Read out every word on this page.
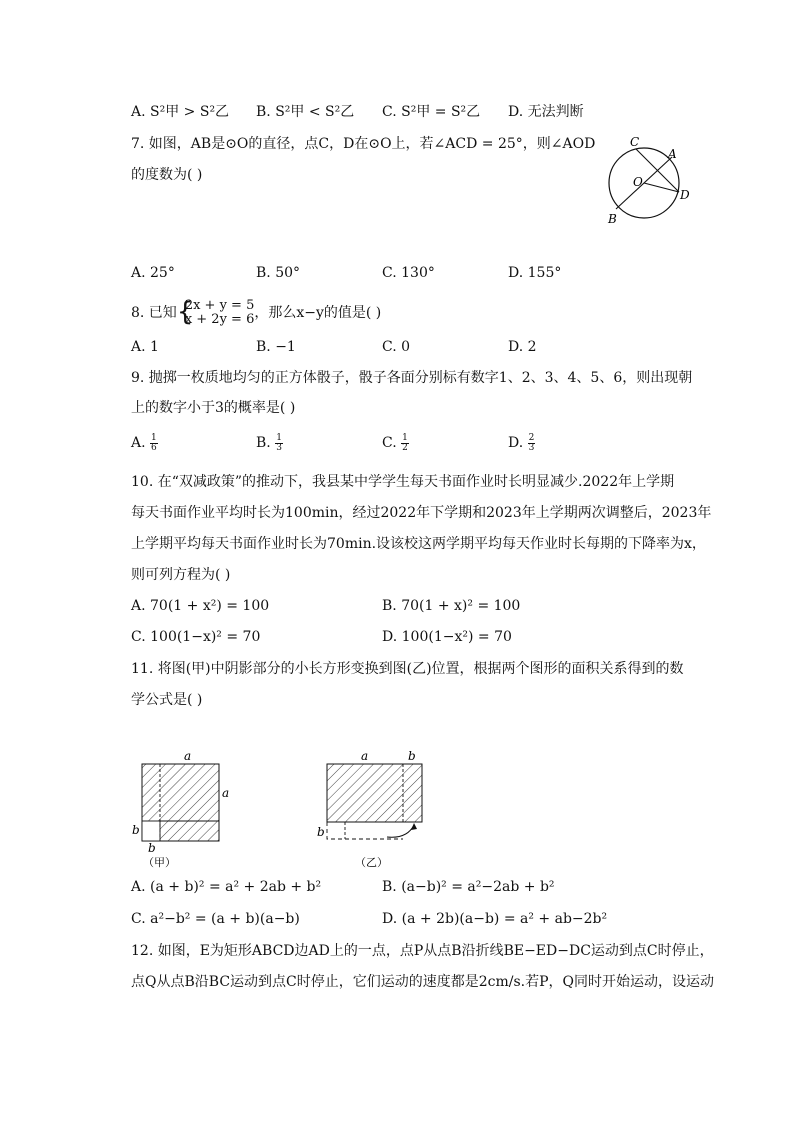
A. S²甲 > S²乙 B. S²甲 < S²乙 C. S²甲 = S²乙 D. 无法判断
7. 如图，AB是⊙O的直径，点C，D在⊙O上，若∠ACD = 25°，则∠AOD
的度数为( )
C
A
O
D
B
A. 25°	B. 50°	C. 130°	D. 155°
8. 已知 {
2x + y = 5
x + 2y = 6 ，那么x−y的值是( )
A. 1	B. −1	C. 0	D. 2
9. 抛掷一枚质地均匀的正方体骰子，骰子各面分别标有数字1、2、3、4、5、6，则出现朝
上的数字小于3的概率是( )
A. $\frac{1}{6}$	B. $\frac{1}{3}$	C. $\frac{1}{2}$	D. $\frac{2}{3}$
10. 在“双减政策”的推动下，我县某中学学生每天书面作业时长明显减少.2022年上学期
每天书面作业平均时长为100min，经过2022年下学期和2023年上学期两次调整后，2023年
上学期平均每天书面作业时长为70min.设该校这两学期平均每天作业时长每期的下降率为x，
则可列方程为( )
A. 70(1 + x²) = 100	B. 70(1 + x)² = 100
C. 100(1−x)² = 70	D. 100(1−x²) = 70
11. 将图(甲)中阴影部分的小长方形变换到图(乙)位置，根据两个图形的面积关系得到的数
学公式是( )
a
a
b
b
（甲）
a	b
b
（乙）
A. (a + b)² = a² + 2ab + b²	B. (a−b)² = a²−2ab + b²
C. a²−b² = (a + b)(a−b)	D. (a + 2b)(a−b) = a² + ab−2b²
12. 如图，E为矩形ABCD边AD上的一点，点P从点B沿折线BE−ED−DC运动到点C时停止，
点Q从点B沿BC运动到点C时停止，它们运动的速度都是2cm/s.若P，Q同时开始运动，设运动
